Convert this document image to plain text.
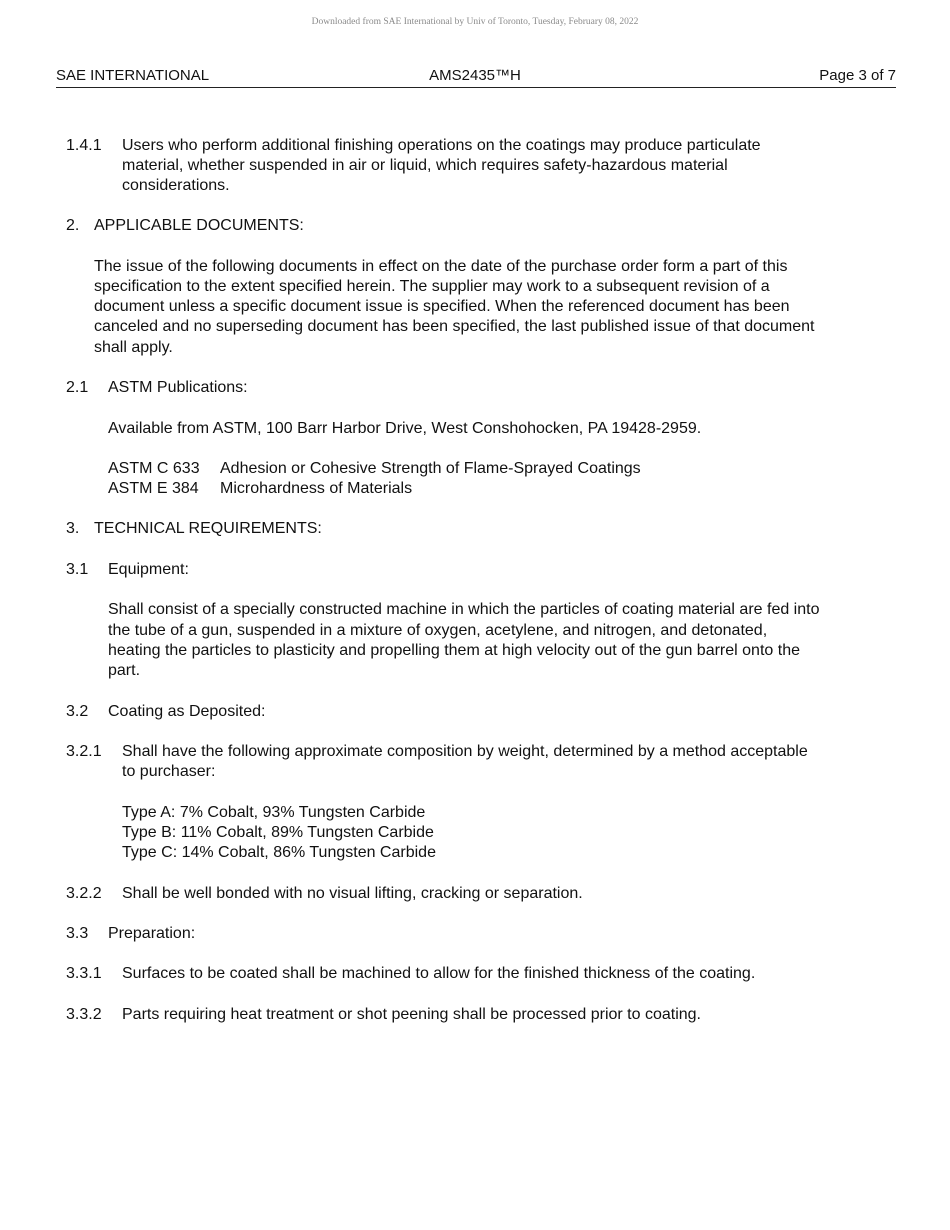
Downloaded from SAE International by Univ of Toronto, Tuesday, February 08, 2022
SAE INTERNATIONAL	AMS2435™H	Page 3 of 7
1.4.1 Users who perform additional finishing operations on the coatings may produce particulate
material, whether suspended in air or liquid, which requires safety-hazardous material
considerations.
2. APPLICABLE DOCUMENTS:
The issue of the following documents in effect on the date of the purchase order form a part of this
specification to the extent specified herein. The supplier may work to a subsequent revision of a
document unless a specific document issue is specified. When the referenced document has been
canceled and no superseding document has been specified, the last published issue of that document
shall apply.
2.1 ASTM Publications:
Available from ASTM, 100 Barr Harbor Drive, West Conshohocken, PA 19428-2959.
ASTM C 633 Adhesion or Cohesive Strength of Flame-Sprayed Coatings
ASTM E 384 Microhardness of Materials
3. TECHNICAL REQUIREMENTS:
3.1 Equipment:
Shall consist of a specially constructed machine in which the particles of coating material are fed into
the tube of a gun, suspended in a mixture of oxygen, acetylene, and nitrogen, and detonated,
heating the particles to plasticity and propelling them at high velocity out of the gun barrel onto the
part.
3.2 Coating as Deposited:
3.2.1 Shall have the following approximate composition by weight, determined by a method acceptable
to purchaser:
Type A: 7% Cobalt, 93% Tungsten Carbide
Type B: 11% Cobalt, 89% Tungsten Carbide
Type C: 14% Cobalt, 86% Tungsten Carbide
3.2.2 Shall be well bonded with no visual lifting, cracking or separation.
3.3 Preparation:
3.3.1 Surfaces to be coated shall be machined to allow for the finished thickness of the coating.
3.3.2 Parts requiring heat treatment or shot peening shall be processed prior to coating.
